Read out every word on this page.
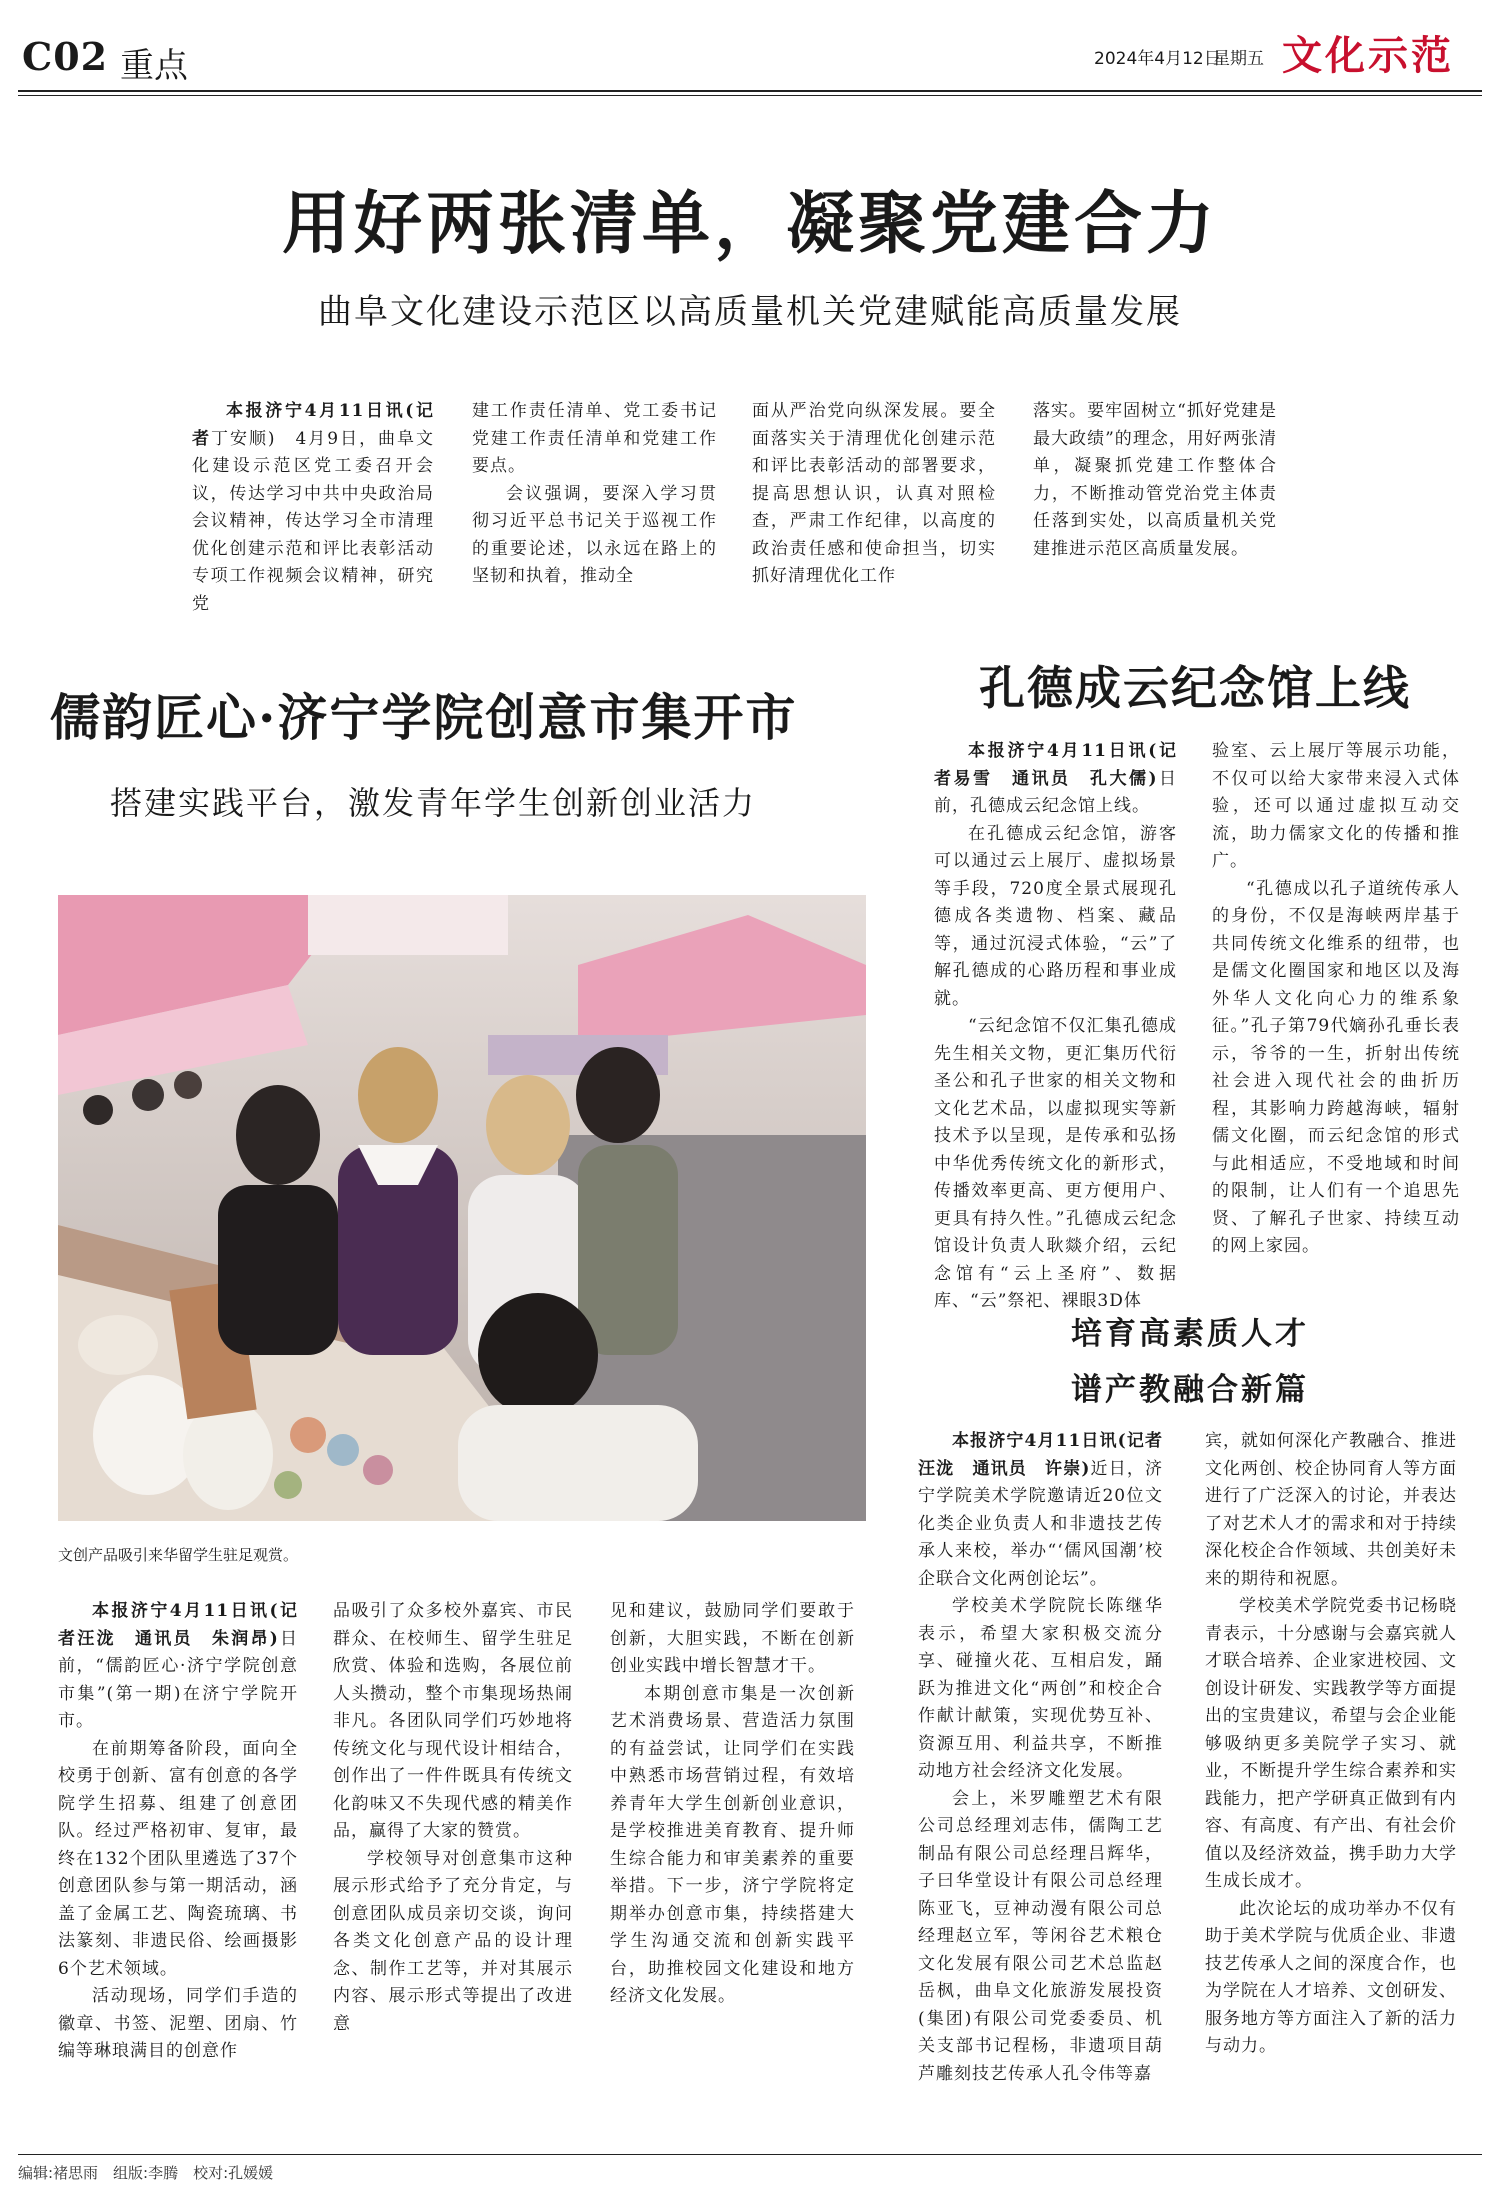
C02 重点	2024年4月12日
星期五 文化示范
用好两张清单，凝聚党建合力
曲阜文化建设示范区以高质量机关党建赋能高质量发展

本报济宁4月11日讯(记者丁安顺)　4月9日，曲阜文化建设示范区党工委召开会议，传达学习中共中央政治局会议精神，传达学习全市清理优化创建示范和评比表彰活动专项工作视频会议精神，研究党

建工作责任清单、党工委书记党建工作责任清单和党建工作要点。

会议强调，要深入学习贯彻习近平总书记关于巡视工作的重要论述，以永远在路上的坚韧和执着，推动全

面从严治党向纵深发展。要全面落实关于清理优化创建示范和评比表彰活动的部署要求，提高思想认识，认真对照检查，严肃工作纪律，以高度的政治责任感和使命担当，切实抓好清理优化工作

落实。要牢固树立“抓好党建是最大政绩”的理念，用好两张清单，凝聚抓党建工作整体合力，不断推动管党治党主体责任落到实处，以高质量机关党建推进示范区高质量发展。

儒韵匠心·济宁学院创意市集开市
搭建实践平台，激发青年学生创新创业活力
文创产品吸引来华留学生驻足观赏。

本报济宁4月11日讯(记者汪泷　通讯员　朱润昂)日前，“儒韵匠心·济宁学院创意市集”(第一期)在济宁学院开市。

在前期筹备阶段，面向全校勇于创新、富有创意的各学院学生招募、组建了创意团队。经过严格初审、复审，最终在132个团队里遴选了37个创意团队参与第一期活动，涵盖了金属工艺、陶瓷琉璃、书法篆刻、非遗民俗、绘画摄影6个艺术领域。

活动现场，同学们手造的徽章、书签、泥塑、团扇、竹编等琳琅满目的创意作

品吸引了众多校外嘉宾、市民群众、在校师生、留学生驻足欣赏、体验和选购，各展位前人头攒动，整个市集现场热闹非凡。各团队同学们巧妙地将传统文化与现代设计相结合，创作出了一件件既具有传统文化韵味又不失现代感的精美作品，赢得了大家的赞赏。

学校领导对创意集市这种展示形式给予了充分肯定，与创意团队成员亲切交谈，询问各类文化创意产品的设计理念、制作工艺等，并对其展示内容、展示形式等提出了改进意

见和建议，鼓励同学们要敢于创新，大胆实践，不断在创新创业实践中增长智慧才干。

本期创意市集是一次创新艺术消费场景、营造活力氛围的有益尝试，让同学们在实践中熟悉市场营销过程，有效培养青年大学生创新创业意识，是学校推进美育教育、提升师生综合能力和审美素养的重要举措。下一步，济宁学院将定期举办创意市集，持续搭建大学生沟通交流和创新实践平台，助推校园文化建设和地方经济文化发展。

孔德成云纪念馆上线

本报济宁4月11日讯(记者易雪　通讯员　孔大儒)日前，孔德成云纪念馆上线。

在孔德成云纪念馆，游客可以通过云上展厅、虚拟场景等手段，720度全景式展现孔德成各类遗物、档案、藏品等，通过沉浸式体验，“云”了解孔德成的心路历程和事业成就。

“云纪念馆不仅汇集孔德成先生相关文物，更汇集历代衍圣公和孔子世家的相关文物和文化艺术品，以虚拟现实等新技术予以呈现，是传承和弘扬中华优秀传统文化的新形式，传播效率更高、更方便用户、更具有持久性。”孔德成云纪念馆设计负责人耿燚介绍，云纪念馆有“云上圣府”、数据库、“云”祭祀、裸眼3D体

验室、云上展厅等展示功能，不仅可以给大家带来浸入式体验，还可以通过虚拟互动交流，助力儒家文化的传播和推广。

“孔德成以孔子道统传承人的身份，不仅是海峡两岸基于共同传统文化维系的纽带，也是儒文化圈国家和地区以及海外华人文化向心力的维系象征。”孔子第79代嫡孙孔垂长表示，爷爷的一生，折射出传统社会进入现代社会的曲折历程，其影响力跨越海峡，辐射儒文化圈，而云纪念馆的形式与此相适应，不受地域和时间的限制，让人们有一个追思先贤、了解孔子世家、持续互动的网上家园。

培育高素质人才
谱产教融合新篇

本报济宁4月11日讯(记者汪泷　通讯员　许崇)近日，济宁学院美术学院邀请近20位文化类企业负责人和非遗技艺传承人来校，举办“‘儒风国潮’校企联合文化两创论坛”。

学校美术学院院长陈继华表示，希望大家积极交流分享、碰撞火花、互相启发，踊跃为推进文化“两创”和校企合作献计献策，实现优势互补、资源互用、利益共享，不断推动地方社会经济文化发展。

会上，米罗雕塑艺术有限公司总经理刘志伟，儒陶工艺制品有限公司总经理吕辉华，子曰华堂设计有限公司总经理陈亚飞，豆神动漫有限公司总经理赵立军，等闲谷艺术粮仓文化发展有限公司艺术总监赵岳枫，曲阜文化旅游发展投资(集团)有限公司党委委员、机关支部书记程杨，非遗项目葫芦雕刻技艺传承人孔令伟等嘉

宾，就如何深化产教融合、推进文化两创、校企协同育人等方面进行了广泛深入的讨论，并表达了对艺术人才的需求和对于持续深化校企合作领域、共创美好未来的期待和祝愿。

学校美术学院党委书记杨晓青表示，十分感谢与会嘉宾就人才联合培养、企业家进校园、文创设计研发、实践教学等方面提出的宝贵建议，希望与会企业能够吸纳更多美院学子实习、就业，不断提升学生综合素养和实践能力，把产学研真正做到有内容、有高度、有产出、有社会价值以及经济效益，携手助力大学生成长成才。

此次论坛的成功举办不仅有助于美术学院与优质企业、非遗技艺传承人之间的深度合作，也为学院在人才培养、文创研发、服务地方等方面注入了新的活力与动力。

编辑:褚思雨　组版:李腾　校对:孔媛媛
